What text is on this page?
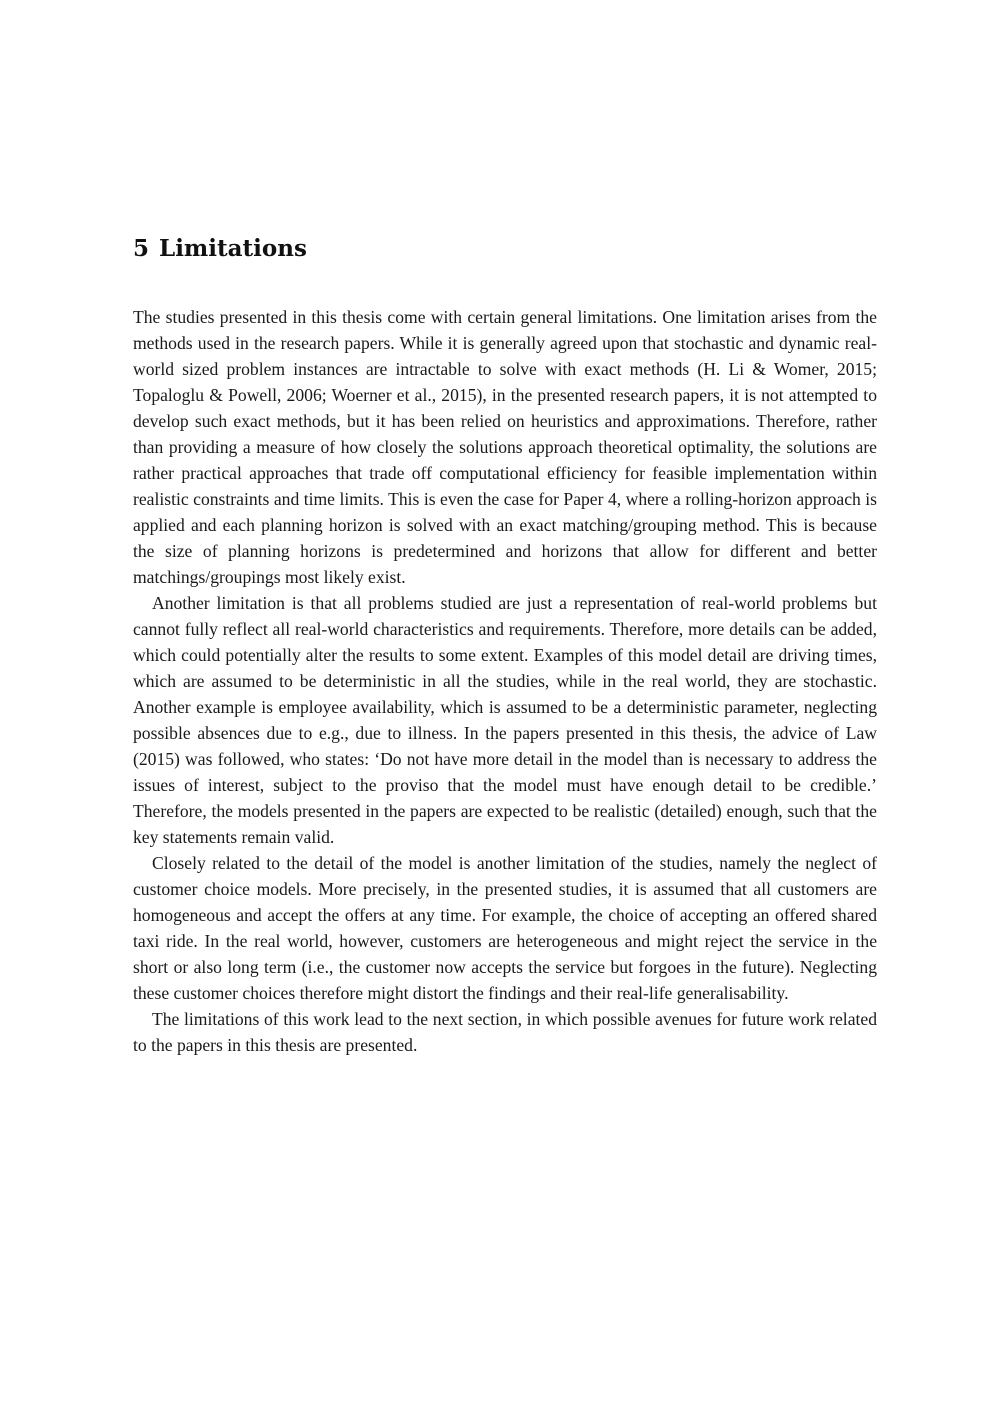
5 Limitations

The studies presented in this thesis come with certain general limitations. One limitation arises from the methods used in the research papers. While it is generally agreed upon that stochastic and dynamic real-world sized problem instances are intractable to solve with exact methods (H. Li & Womer, 2015; Topaloglu & Powell, 2006; Woerner et al., 2015), in the presented research papers, it is not attempted to develop such exact methods, but it has been relied on heuristics and approximations. Therefore, rather than providing a measure of how closely the solutions approach theoretical optimality, the solutions are rather practical approaches that trade off computational efficiency for feasible implementation within realistic constraints and time limits. This is even the case for Paper 4, where a rolling-horizon approach is applied and each planning horizon is solved with an exact matching/grouping method. This is because the size of planning horizons is predetermined and horizons that allow for different and better matchings/groupings most likely exist.

Another limitation is that all problems studied are just a representation of real-world problems but cannot fully reflect all real-world characteristics and requirements. Therefore, more details can be added, which could potentially alter the results to some extent. Examples of this model detail are driving times, which are assumed to be deterministic in all the studies, while in the real world, they are stochastic. Another example is employee availability, which is assumed to be a deterministic parameter, neglecting possible absences due to e.g., due to illness. In the papers presented in this thesis, the advice of Law (2015) was followed, who states: ‘Do not have more detail in the model than is necessary to address the issues of interest, subject to the proviso that the model must have enough detail to be credible.’ Therefore, the models presented in the papers are expected to be realistic (detailed) enough, such that the key statements remain valid.

Closely related to the detail of the model is another limitation of the studies, namely the neglect of customer choice models. More precisely, in the presented studies, it is assumed that all customers are homogeneous and accept the offers at any time. For example, the choice of accepting an offered shared taxi ride. In the real world, however, customers are heterogeneous and might reject the service in the short or also long term (i.e., the customer now accepts the service but forgoes in the future). Neglecting these customer choices therefore might distort the findings and their real-life generalisability.

The limitations of this work lead to the next section, in which possible avenues for future work related to the papers in this thesis are presented.
